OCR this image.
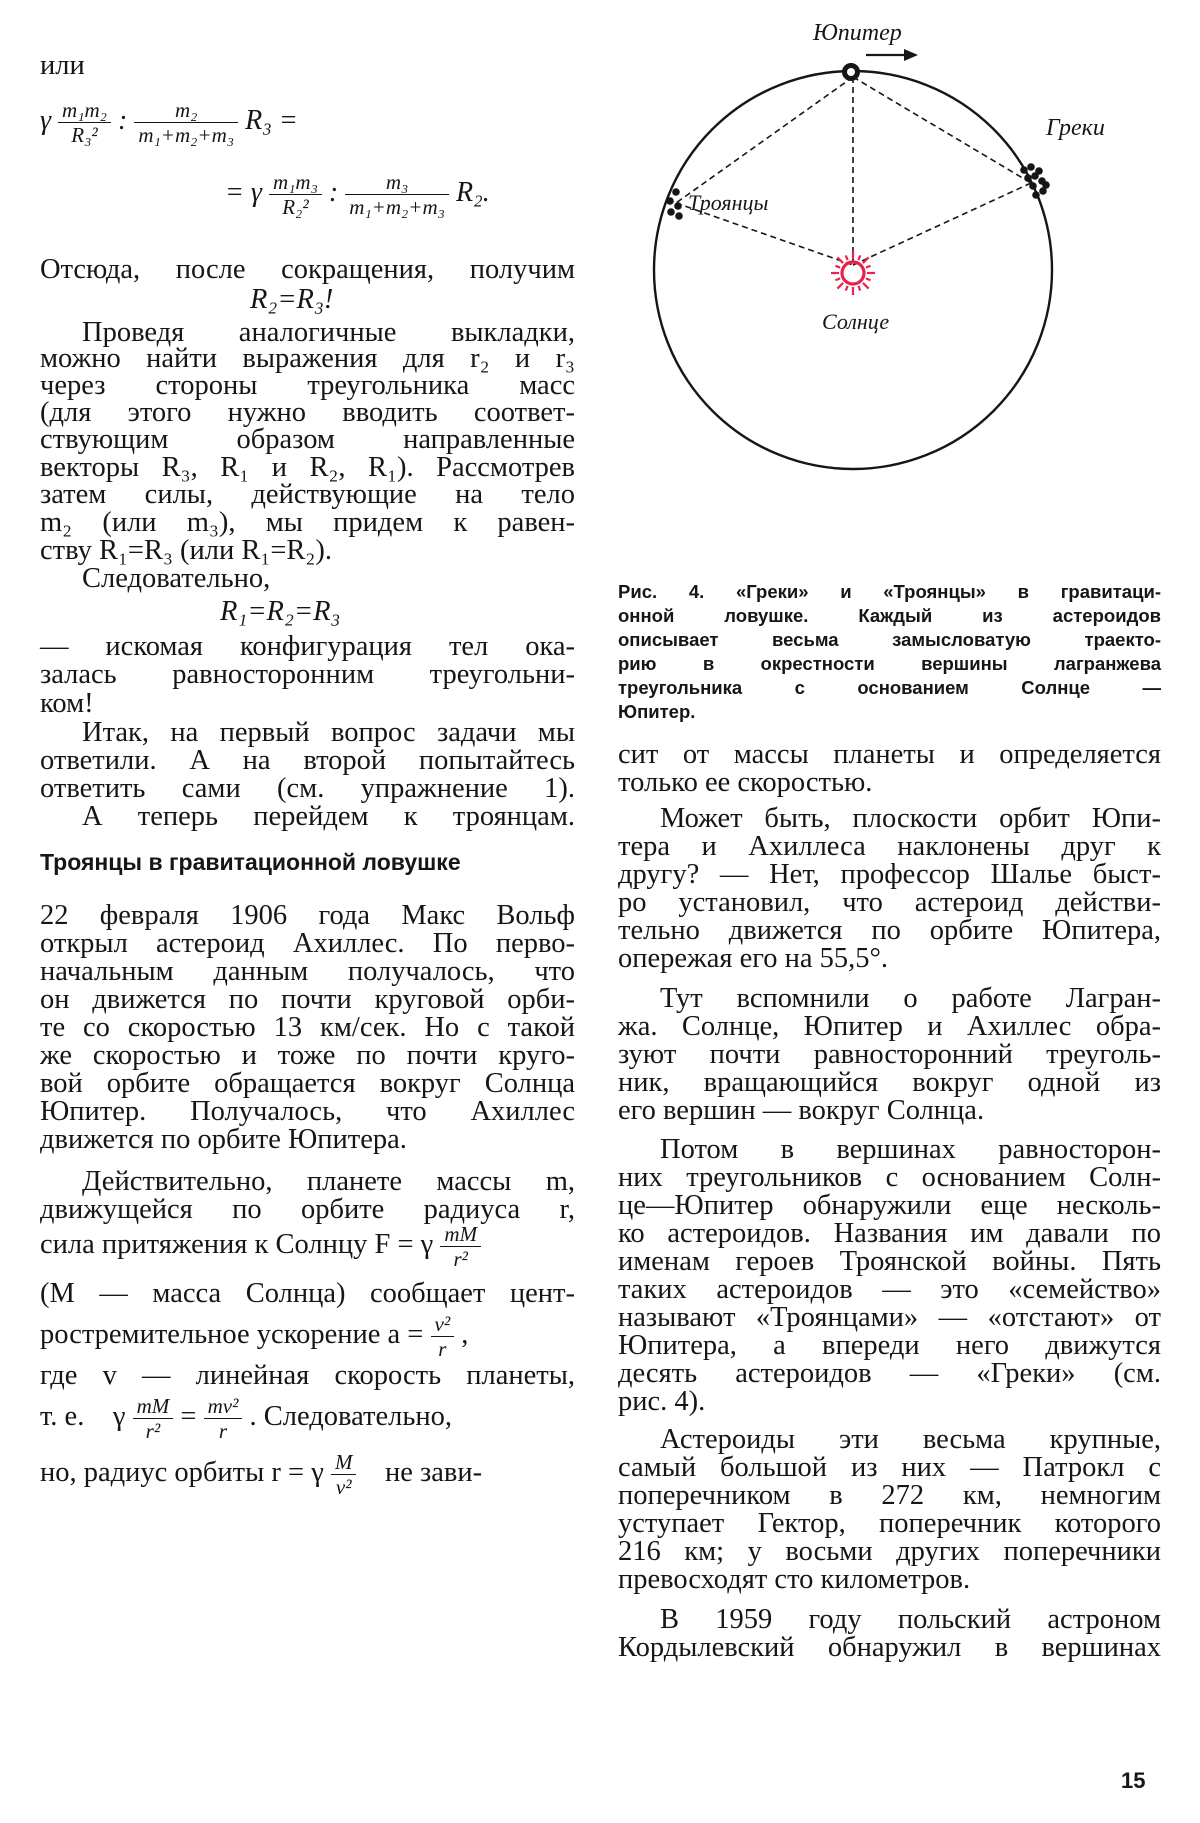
или
γ $\frac{\text{m₁m₂}}{\text{R₃²}}$ : $\frac{\text{m₂}}{\text{m₁+m₂+m₃}} R_3$ =
= γ $\frac{\text{m₁m₃}}{\text{R₂²}}$ : $\frac{\text{m₃}}{\text{m₁+m₂+m₃}} R_2$.
Отсюда, после сокращения, получим
R₂=R₃!
Проведя аналогичные выкладки,
можно найти выражения для r₂ и r₃
через стороны треугольника масс
(для этого нужно вводить соответ-
ствующим образом направленные
векторы R₃, R₁ и R₂, R₁). Рассмотрев
затем силы, действующие на тело
m₂ (или m₃), мы придем к равен-
ству R₁=R₃ (или R₁=R₂).
Следовательно,
R₁=R₂=R₃
— искомая конфигурация тел ока-
залась равносторонним треугольни-
ком!
Итак, на первый вопрос задачи мы
ответили. А на второй попытайтесь
ответить сами (см. упражнение 1).
А теперь перейдем к троянцам.
Троянцы в гравитационной ловушке
22 февраля 1906 года Макс Вольф
открыл астероид Ахиллес. По перво-
начальным данным получалось, что
он движется по почти круговой орби-
те со скоростью 13 км/сек. Но с такой
же скоростью и тоже по почти круго-
вой орбите обращается вокруг Солнца
Юпитер. Получалось, что Ахиллес
движется по орбите Юпитера.
Действительно, планете массы m,
движущейся по орбите радиуса r,
сила притяжения к Солнцу F = γ $\frac{mM}{\text{r²}}$
(M — масса Солнца) сообщает цент-
ростремительное ускорение $a = \frac{\text{v²}}{r}$ ,
где v — линейная скорость планеты,
т. е.    γ $\frac{mM}{\text{r²}} = \frac{\text{mv²}}{r}$ . Следовательно,
но, радиус орбиты r = γ $\frac{M}{\text{v²}}$ не зави-
Юпитер
Греки
Троянцы
Солнце
Рис. 4. «Греки» и «Троянцы» в гравитаци-
онной ловушке. Каждый из астероидов
описывает весьма замысловатую траекто-
рию в окрестности вершины лагранжева
треугольника с основанием Солнце —
Юпитер.
сит от массы планеты и определяется
только ее скоростью.
Может быть, плоскости орбит Юпи-
тера и Ахиллеса наклонены друг к
другу? — Нет, профессор Шалье быст-
ро установил, что астероид действи-
тельно движется по орбите Юпитера,
опережая его на 55,5°.
Тут вспомнили о работе Лагран-
жа. Солнце, Юпитер и Ахиллес обра-
зуют почти равносторонний треуголь-
ник, вращающийся вокруг одной из
его вершин — вокруг Солнца.
Потом в вершинах равносторон-
них треугольников с основанием Солн-
це—Юпитер обнаружили еще несколь-
ко астероидов. Названия им давали по
именам героев Троянской войны. Пять
таких астероидов — это «семейство»
называют «Троянцами» — «отстают» от
Юпитера, а впереди него движутся
десять астероидов — «Греки» (см.
рис. 4).
Астероиды эти весьма крупные,
самый большой из них — Патрокл с
поперечником в 272 км, немногим
уступает Гектор, поперечник которого
216 км; у восьми других поперечники
превосходят сто километров.
В 1959 году польский астроном
Кордылевский обнаружил в вершинах
15
